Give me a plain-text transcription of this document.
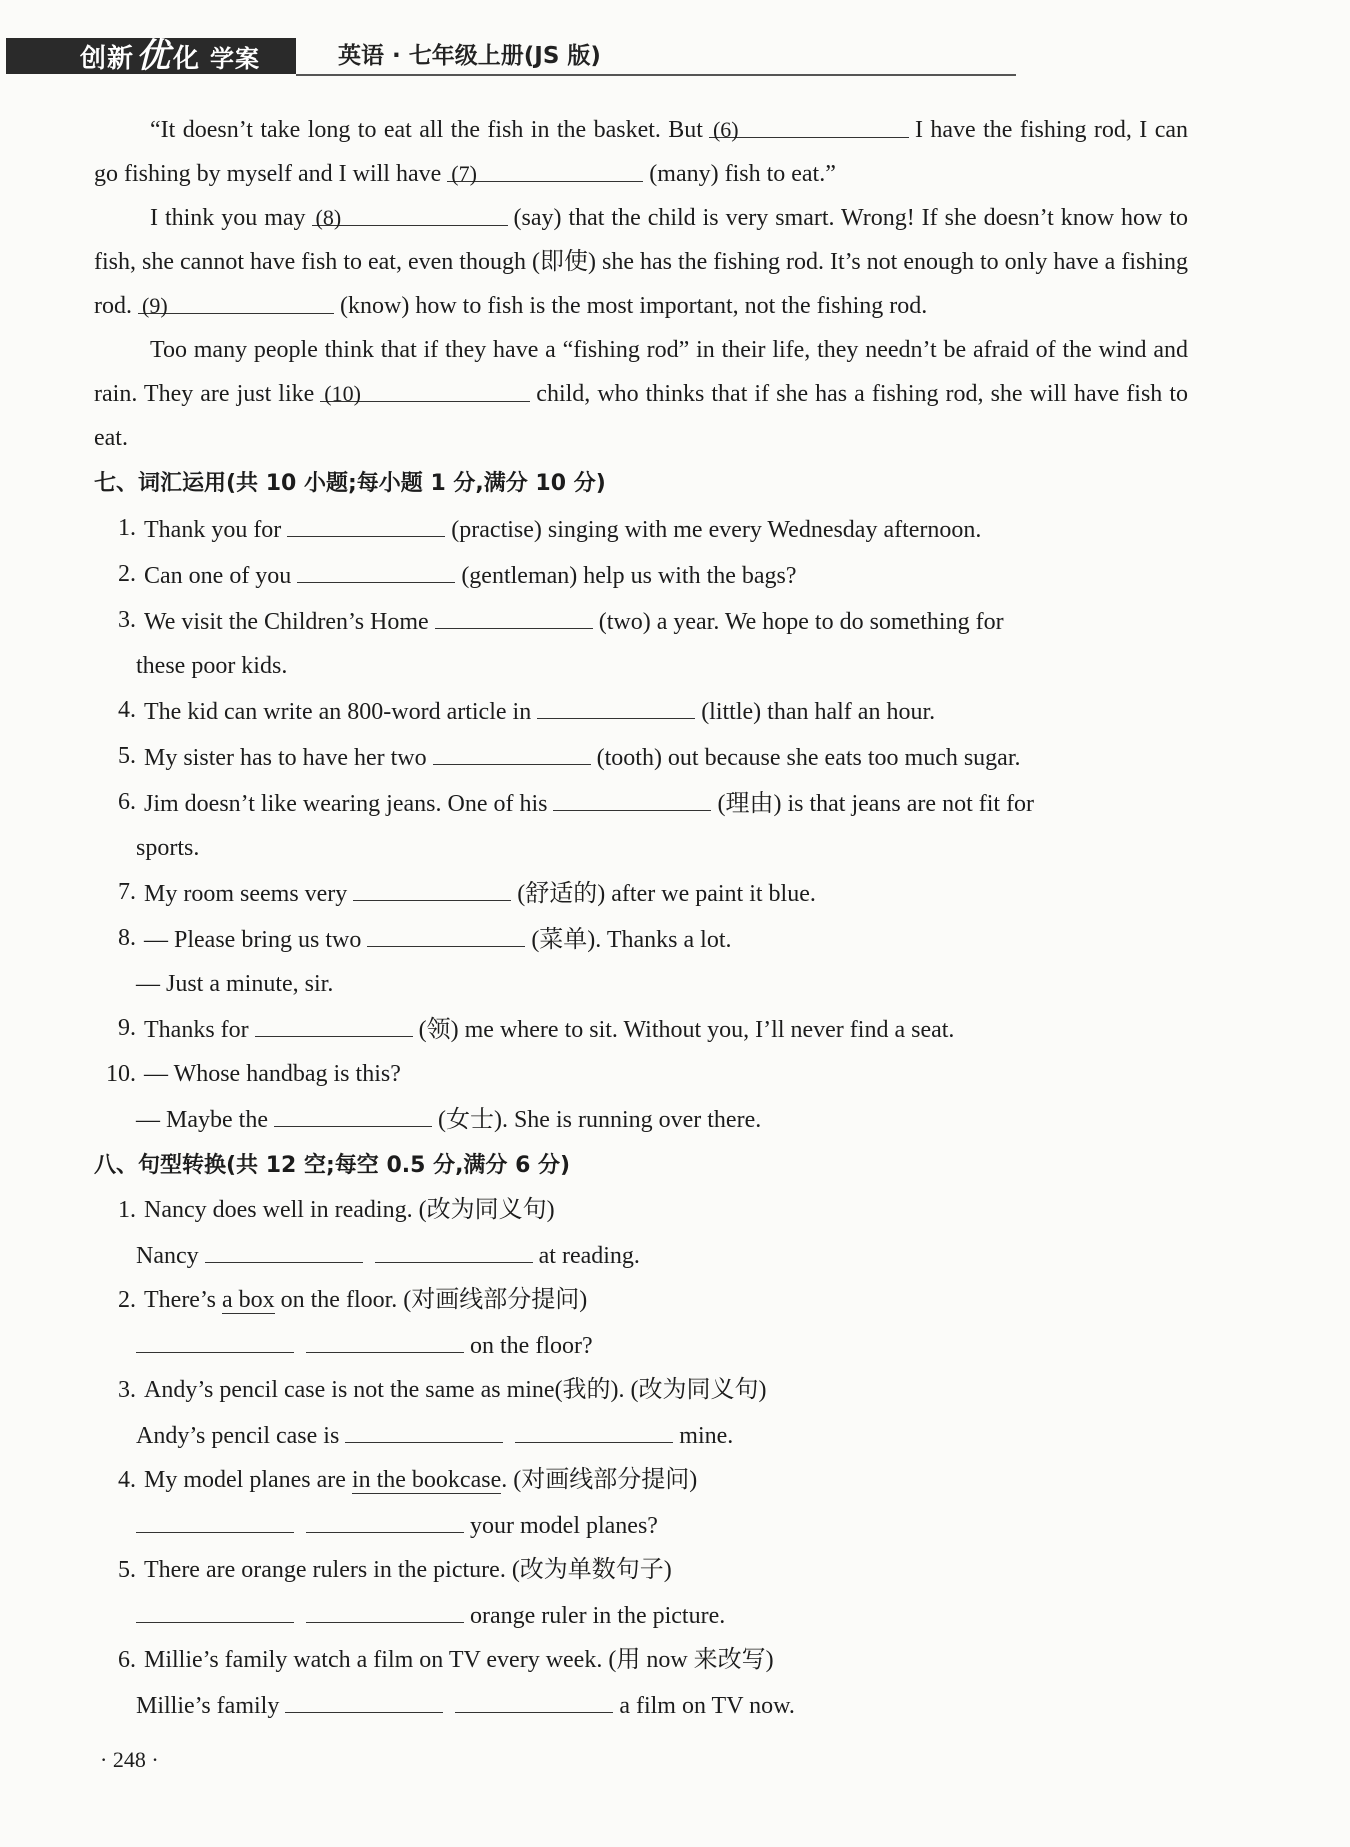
创新优化 学案	英语 · 七年级上册(JS 版)

“It doesn’t take long to eat all the fish in the basket. But (6)	I have the fishing rod, I can go fishing by myself and I will have (7)	(many) fish to eat.”

I think you may (8)	(say) that the child is very smart. Wrong! If she doesn’t know how to fish, she cannot have fish to eat, even though (即使) she has the fishing rod. It’s not enough to only have a fishing rod. (9)	(know) how to fish is the most important, not the fishing rod.

Too many people think that if they have a “fishing rod” in their life, they needn’t be afraid of the wind and rain. They are just like (10)	child, who thinks that if she has a fishing rod, she will have fish to eat.

七、词汇运用(共 10 小题;每小题 1 分,满分 10 分)
1. Thank you for	(practise) singing with me every Wednesday afternoon.
2. Can one of you	(gentleman) help us with the bags?
3. We visit the Children’s Home	(two) a year. We hope to do something for
these poor kids.
4. The kid can write an 800-word article in	(little) than half an hour.
5. My sister has to have her two	(tooth) out because she eats too much sugar.
6. Jim doesn’t like wearing jeans. One of his	(理由) is that jeans are not fit for
sports.
7. My room seems very	(舒适的) after we paint it blue.
8. — Please bring us two	(菜单). Thanks a lot.
— Just a minute, sir.
9. Thanks for	(领) me where to sit. Without you, I’ll never find a seat.
10. — Whose handbag is this?
— Maybe the	(女士). She is running over there.
八、句型转换(共 12 空;每空 0.5 分,满分 6 分)
1. Nancy does well in reading. (改为同义句)
Nancy	at reading.
2. There’s a box on the floor. (对画线部分提问)
on the floor?
3. Andy’s pencil case is not the same as mine(我的). (改为同义句)
Andy’s pencil case is	mine.
4. My model planes are in the bookcase. (对画线部分提问)
your model planes?
5. There are orange rulers in the picture. (改为单数句子)
orange ruler in the picture.
6. Millie’s family watch a film on TV every week. (用 now 来改写)
Millie’s family	a film on TV now.
· 248 ·
